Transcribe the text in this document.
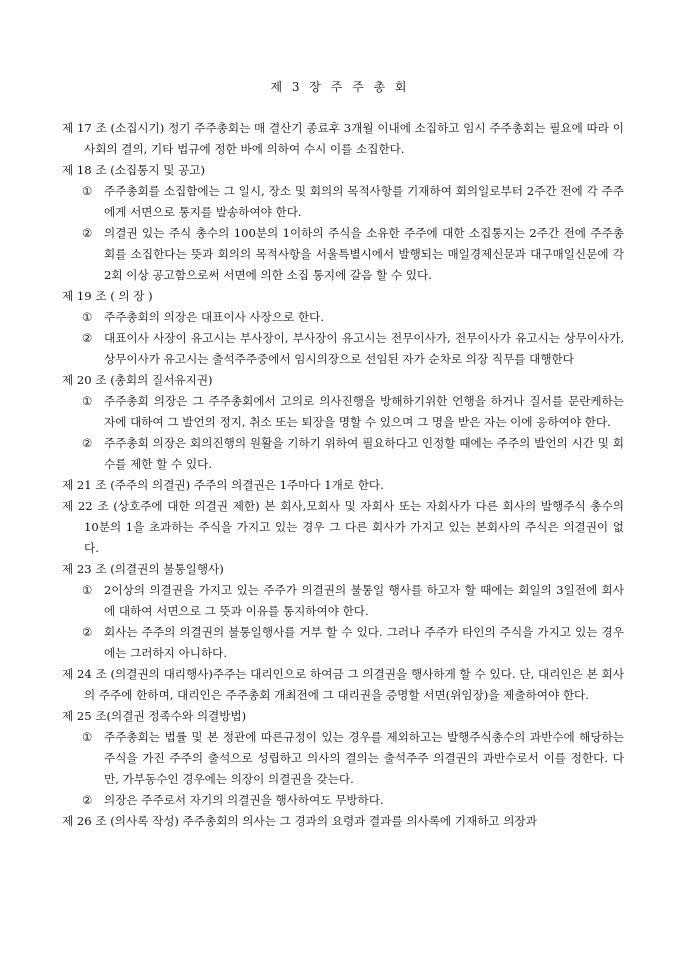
제 3 장 주 주 총 회

제 17 조 (소집시기) 정기 주주총회는 매 결산기 종료후 3개월 이내에 소집하고 임시 주주총회는 필요에 따라 이사회의 결의, 기타 법규에 정한 바에 의하여 수시 이를 소집한다.

제 18 조 (소집통지 및 공고)

① 주주총회를 소집함에는 그 일시, 장소 및 회의의 목적사항를 기재하여 회의일로부터 2주간 전에 각 주주에게 서면으로 통지를 발송하여야 한다.
② 의결권 있는 주식 총수의 100분의 1이하의 주식을 소유한 주주에 대한 소집통지는 2주간 전에 주주총회를 소집한다는 뜻과 회의의 목적사항을 서울특별시에서 발행되는 매일경제신문과 대구매일신문에 각 2회 이상 공고함으로써 서면에 의한 소집 통지에 갈음 할 수 있다.

제 19 조 ( 의 장 )

① 주주총회의 의장은 대표이사 사장으로 한다.
② 대표이사 사장이 유고시는 부사장이, 부사장이 유고시는 전무이사가, 전무이사가 유고시는 상무이사가,상무이사가 유고시는 출석주주중에서 임시의장으로 선임된 자가 순차로 의장 직무를 대행한다

제 20 조 (총회의 질서유지권)

① 주주총회 의장은 그 주주총회에서 고의로 의사진행을 방해하기위한 언행을 하거나 질서를 문란케하는 자에 대하여 그 발언의 정지, 취소 또는 퇴장을 명할 수 있으며 그 명을 받은 자는 이에 응하여야 한다.
② 주주총회 의장은 회의진행의 원활을 기하기 위하여 필요하다고 인정할 때에는 주주의 발언의 시간 및 회수를 제한 할 수 있다.

제 21 조 (주주의 의결권) 주주의 의결권은 1주마다 1개로 한다.

제 22 조 (상호주에 대한 의결권 제한) 본 회사,모회사 및 자회사 또는 자회사가 다른 회사의 발행주식 총수의 10분의 1을 초과하는 주식을 가지고 있는 경우 그 다른 회사가 가지고 있는 본회사의 주식은 의결권이 없다.

제 23 조 (의결권의 불통일행사)

① 2이상의 의결권을 가지고 있는 주주가 의결권의 불통일 행사를 하고자 할 때에는 회일의 3일전에 회사에 대하여 서면으로 그 뜻과 이유를 통지하여야 한다.
② 회사는 주주의 의결권의 불통일행사를 거부 할 수 있다. 그러나 주주가 타인의 주식을 가지고 있는 경우에는 그러하지 아니하다.

제 24 조 (의결권의 대리행사)주주는 대리인으로 하여금 그 의결권을 행사하게 할 수 있다. 단, 대리인은 본 회사의 주주에 한하며, 대리인은 주주총회 개최전에 그 대리권을 증명할 서면(위임장)을 제출하여야 한다.

제 25 조(의결권 정족수와 의결방법)

① 주주총회는 법률 및 본 정관에 따른규정이 있는 경우를 제외하고는 발행주식총수의 과반수에 해당하는 주식을 가진 주주의 출석으로 성립하고 의사의 결의는 출석주주 의결권의 과반수로서 이를 정한다. 다만, 가부동수인 경우에는 의장이 의결권을 갖는다.
② 의장은 주주로서 자기의 의결권을 행사하여도 무방하다.

제 26 조 (의사록 작성) 주주총회의 의사는 그 경과의 요령과 결과를 의사록에 기재하고 의장과
